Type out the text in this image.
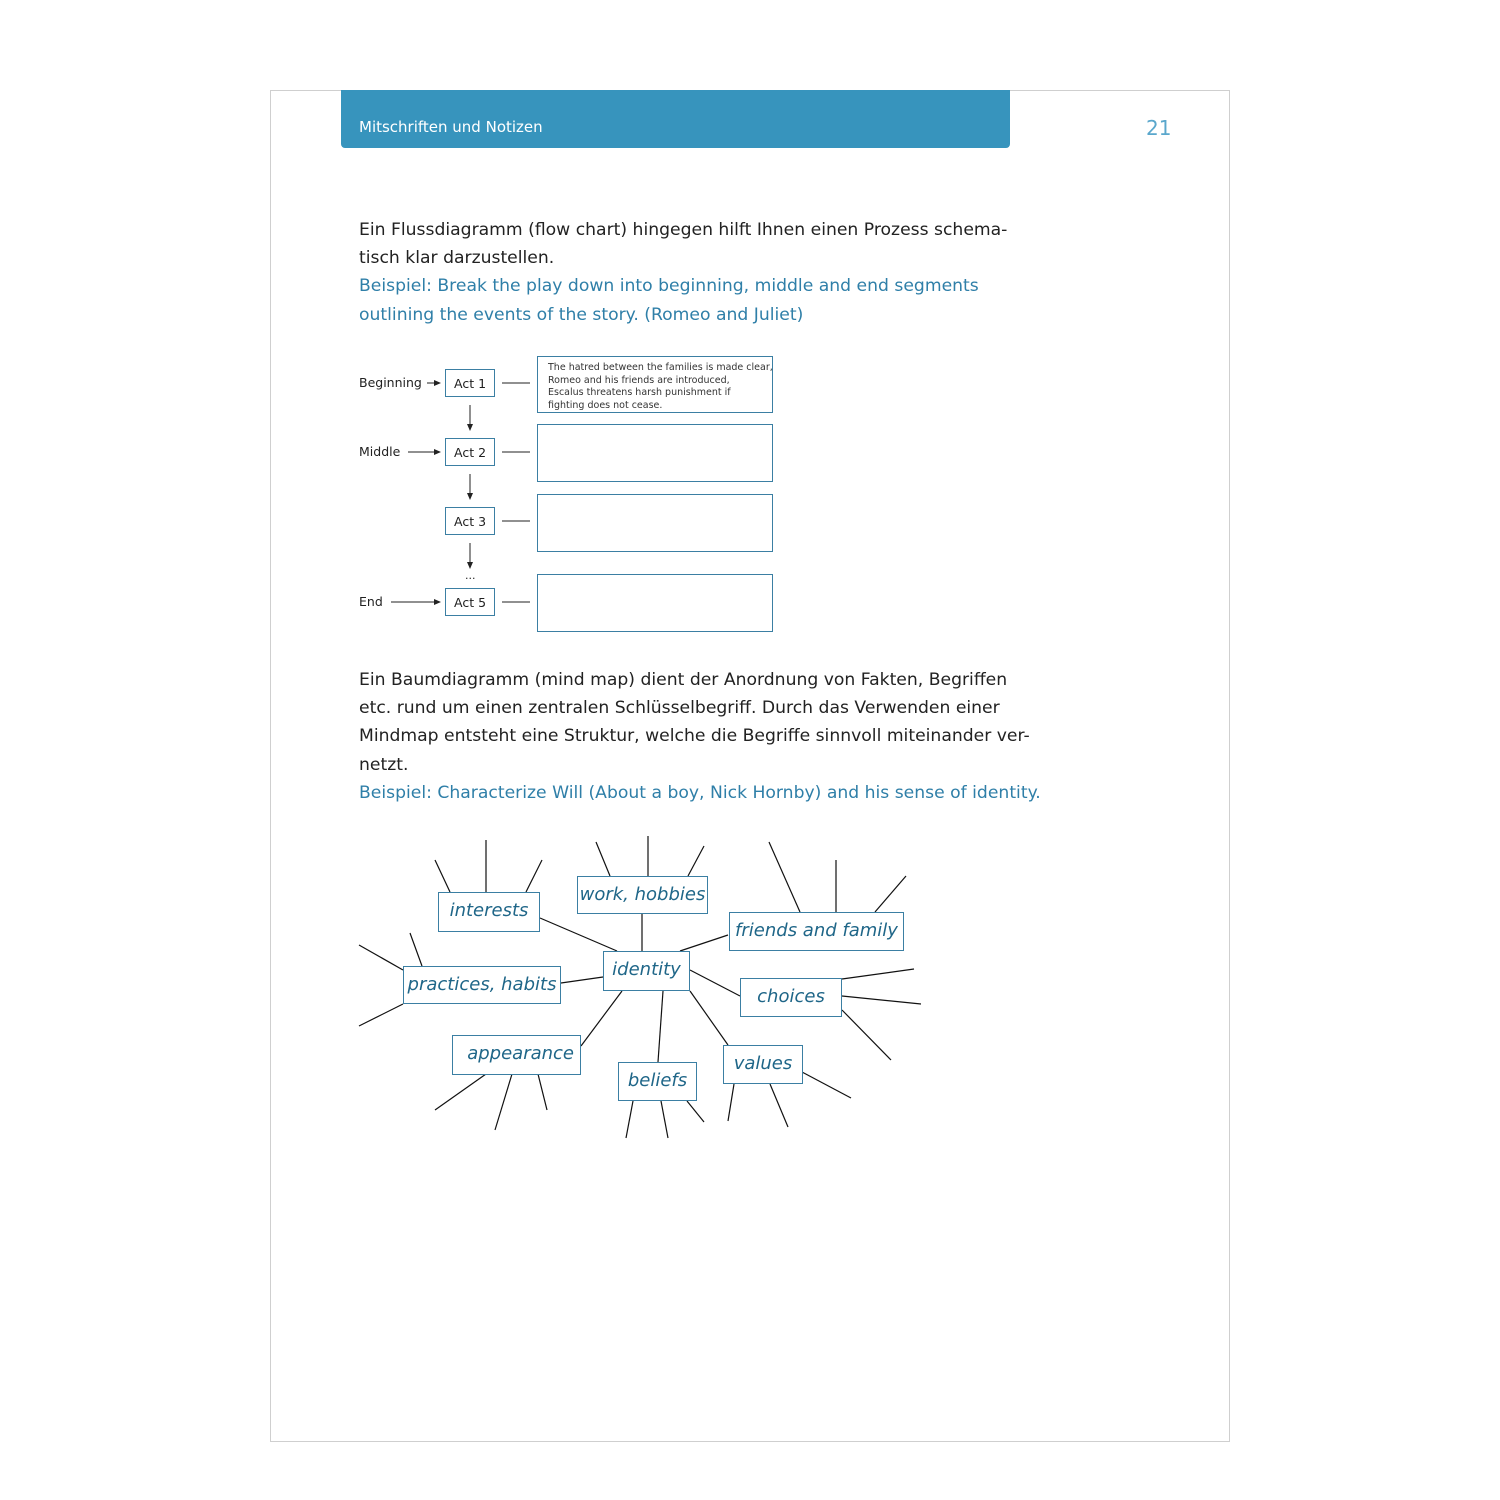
Mitschriften und Notizen	21
Ein Flussdiagramm (flow chart) hingegen hilft Ihnen einen Prozess schema-
tisch klar darzustellen.
Beispiel: Break the play down into beginning, middle and end segments
outlining the events of the story. (Romeo and Juliet)
Beginning
Middle
End
Act 1
Act 2
Act 3
Act 5
...
The hatred between the families is made clear,
Romeo and his friends are introduced,
Escalus threatens harsh punishment if
fighting does not cease.
Ein Baumdiagramm (mind map) dient der Anordnung von Fakten, Begriffen
etc. rund um einen zentralen Schlüsselbegriff. Durch das Verwenden einer
Mindmap entsteht eine Struktur, welche die Begriffe sinnvoll miteinander ver-
netzt.
Beispiel: Characterize Will (About a boy, Nick Hornby) and his sense of identity.
interests
work, hobbies
friends and family
practices, habits
identity
choices
appearance
beliefs
values
